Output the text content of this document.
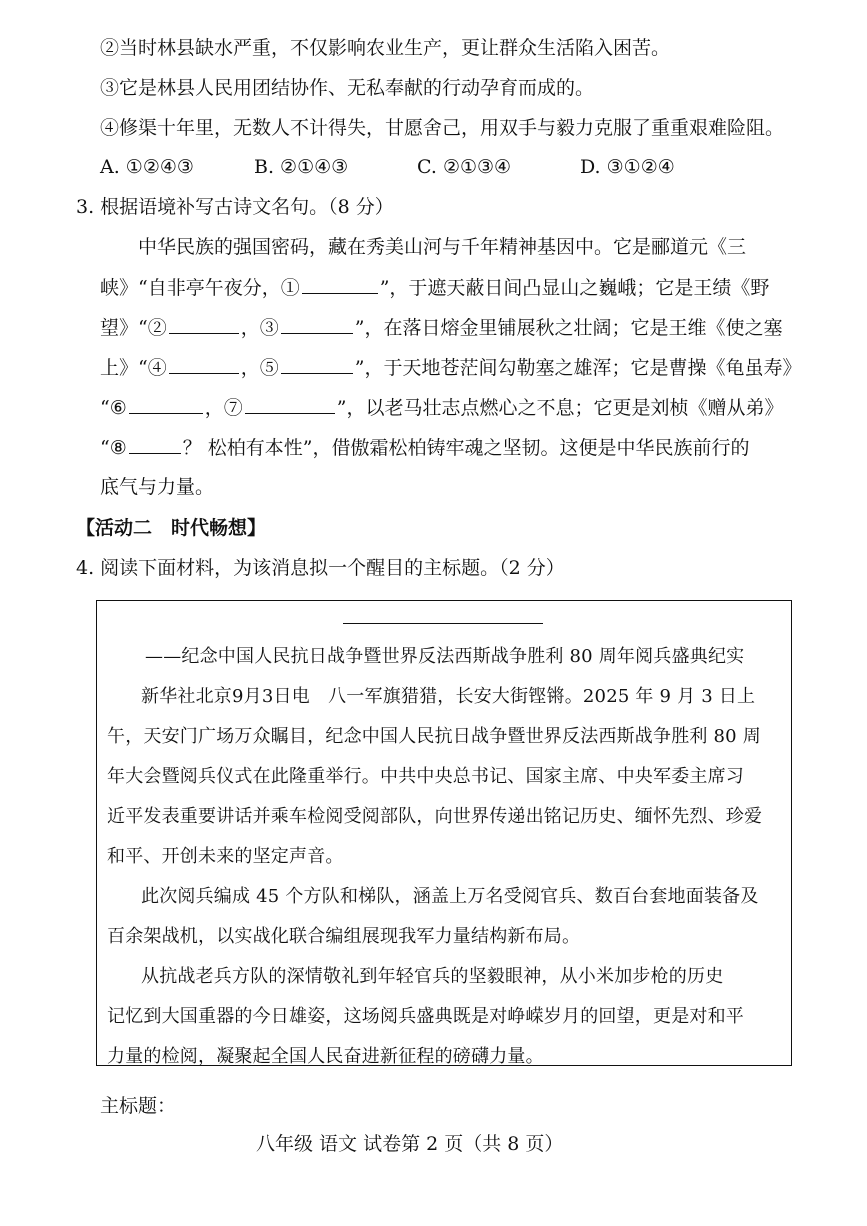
②当时林县缺水严重，不仅影响农业生产，更让群众生活陷入困苦。
③它是林县人民用团结协作、无私奉献的行动孕育而成的。
④修渠十年里，无数人不计得失，甘愿舍己，用双手与毅力克服了重重艰难险阻。
A. ①②④③	B. ②①④③	C. ②①③④	D. ③①②④
3. 根据语境补写古诗文名句。（8 分）
中华民族的强国密码，藏在秀美山河与千年精神基因中。它是郦道元《三
峡》“自非亭午夜分，①	”，于遮天蔽日间凸显山之巍峨；它是王绩《野
望》“②	，③	”，在落日熔金里铺展秋之壮阔；它是王维《使之塞
上》“④	，⑤	”，于天地苍茫间勾勒塞之雄浑；它是曹操《龟虽寿》
“⑥	，⑦	”，以老马壮志点燃心之不息；它更是刘桢《赠从弟》
“⑧	？ 松柏有本性”，借傲霜松柏铸牢魂之坚韧。这便是中华民族前行的
底气与力量。
【活动二　时代畅想】
4. 阅读下面材料，为该消息拟一个醒目的主标题。（2 分）
——纪念中国人民抗日战争暨世界反法西斯战争胜利 80 周年阅兵盛典纪实
新华社北京9月3日电　八一军旗猎猎，长安大街铿锵。2025 年 9 月 3 日上
午，天安门广场万众瞩目，纪念中国人民抗日战争暨世界反法西斯战争胜利 80 周
年大会暨阅兵仪式在此隆重举行。中共中央总书记、国家主席、中央军委主席习
近平发表重要讲话并乘车检阅受阅部队，向世界传递出铭记历史、缅怀先烈、珍爱
和平、开创未来的坚定声音。
此次阅兵编成 45 个方队和梯队，涵盖上万名受阅官兵、数百台套地面装备及
百余架战机，以实战化联合编组展现我军力量结构新布局。
从抗战老兵方队的深情敬礼到年轻官兵的坚毅眼神，从小米加步枪的历史
记忆到大国重器的今日雄姿，这场阅兵盛典既是对峥嵘岁月的回望，更是对和平
力量的检阅，凝聚起全国人民奋进新征程的磅礴力量。
主标题：
八年级 语文 试卷第 2 页（共 8 页）
